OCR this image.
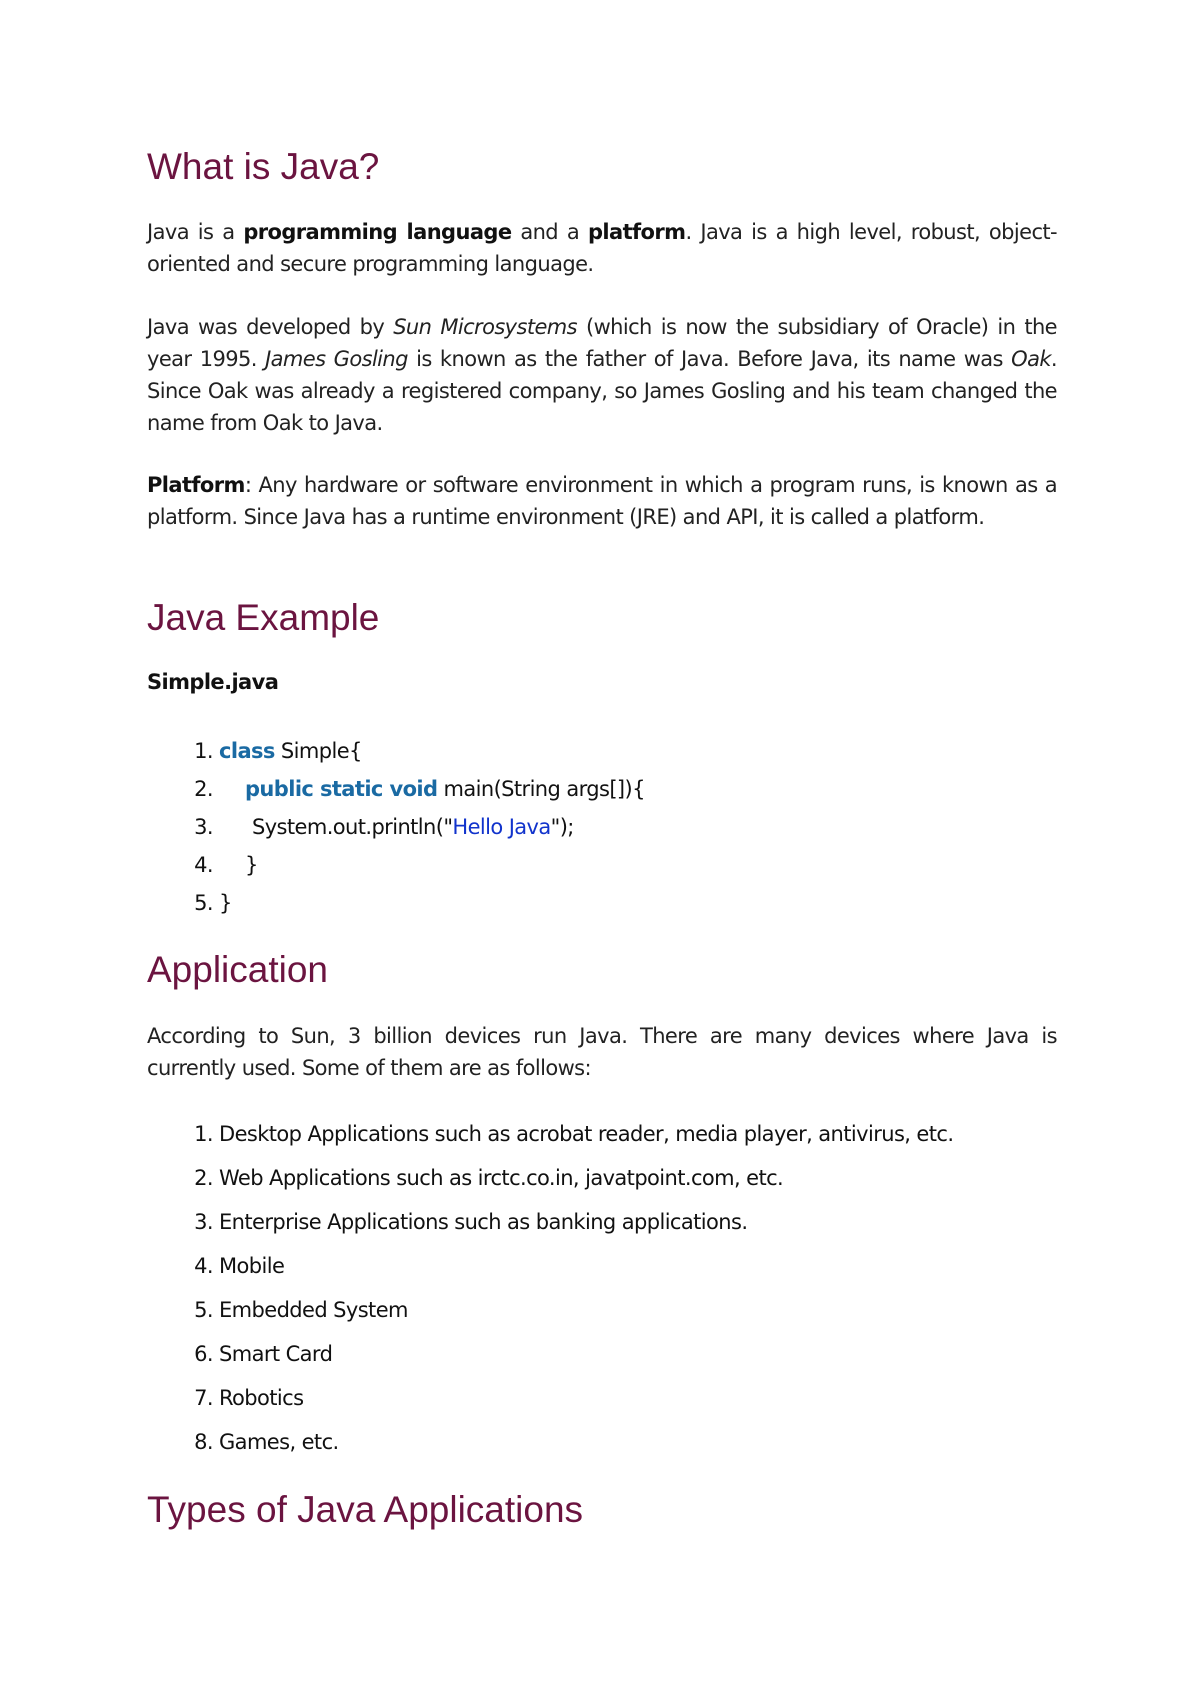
What is Java?

Java is a programming language and a platform. Java is a high level, robust, object-oriented and secure programming language.

Java was developed by Sun Microsystems (which is now the subsidiary of Oracle) in the year 1995. James Gosling is known as the father of Java. Before Java, its name was Oak. Since Oak was already a registered company, so James Gosling and his team changed the name from Oak to Java.

Platform: Any hardware or software environment in which a program runs, is known as a platform. Since Java has a runtime environment (JRE) and API, it is called a platform.

Java Example

Simple.java

1. class Simple{
2. public static void main(String args[]){
3. System.out.println("Hello Java");
4. }
5. }
Application

According to Sun, 3 billion devices run Java. There are many devices where Java is currently used. Some of them are as follows:

1. Desktop Applications such as acrobat reader, media player, antivirus, etc.
2. Web Applications such as irctc.co.in, javatpoint.com, etc.
3. Enterprise Applications such as banking applications.
4. Mobile
5. Embedded System
6. Smart Card
7. Robotics
8. Games, etc.
Types of Java Applications
